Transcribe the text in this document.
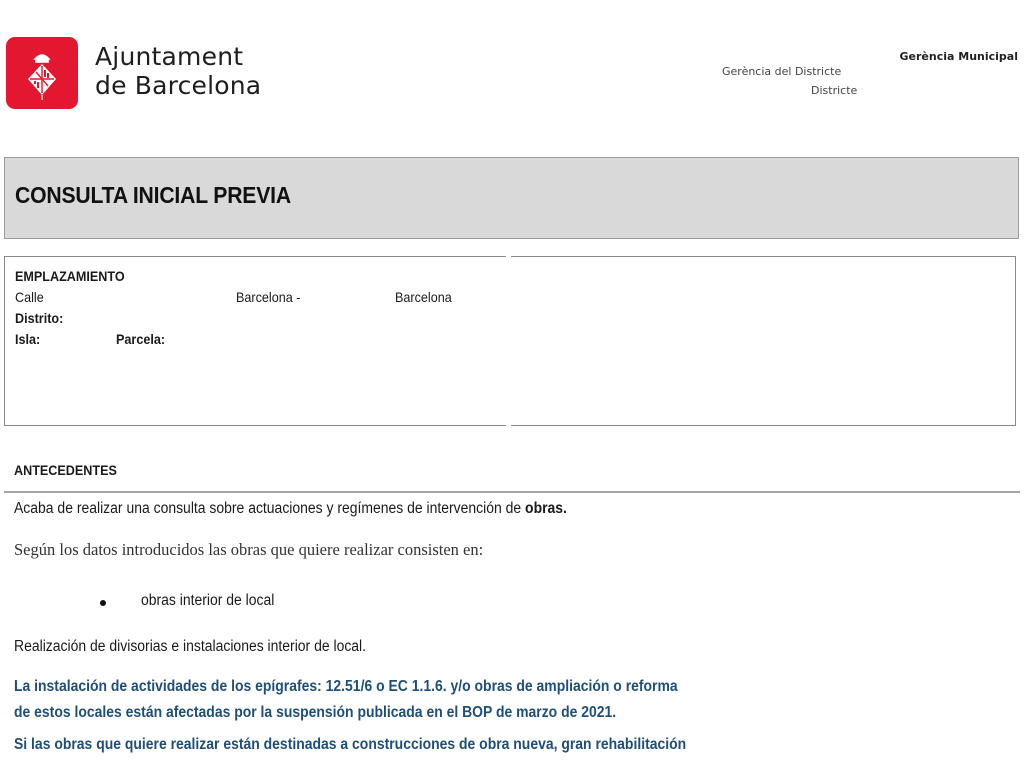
Ajuntament
de Barcelona
Gerència Municipal
Gerència del Districte
Districte
CONSULTA INICIAL PREVIA
EMPLAZAMIENTO
Calle	Barcelona -	Barcelona
Distrito:
Isla:	Parcela:
ANTECEDENTES
Acaba de realizar una consulta sobre actuaciones y regímenes de intervención de obras.
Según los datos introducidos las obras que quiere realizar consisten en:
obras interior de local
Realización de divisorias e instalaciones interior de local.
La instalación de actividades de los epígrafes: 12.51/6 o EC 1.1.6. y/o obras de ampliación o reforma
de estos locales están afectadas por la suspensión publicada en el BOP de marzo de 2021.
Si las obras que quiere realizar están destinadas a construcciones de obra nueva, gran rehabilitación
